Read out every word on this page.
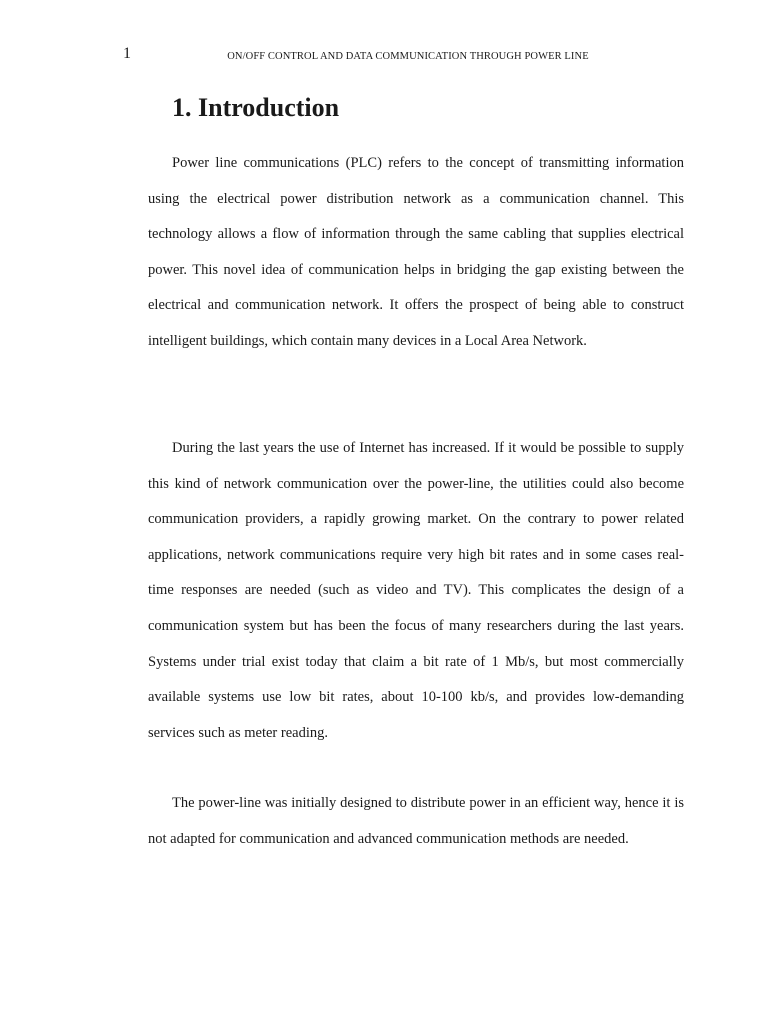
1	ON/OFF CONTROL AND DATA COMMUNICATION THROUGH POWER LINE
1. Introduction

Power line communications (PLC) refers to the concept of transmitting information using the electrical power distribution network as a communication channel. This technology allows a flow of information through the same cabling that supplies electrical power. This novel idea of communication helps in bridging the gap existing between the electrical and communication network. It offers the prospect of being able to construct intelligent buildings, which contain many devices in a Local Area Network.

During the last years the use of Internet has increased. If it would be possible to supply this kind of network communication over the power-line, the utilities could also become communication providers, a rapidly growing market. On the contrary to power related applications, network communications require very high bit rates and in some cases real-time responses are needed (such as video and TV). This complicates the design of a communication system but has been the focus of many researchers during the last years. Systems under trial exist today that claim a bit rate of 1 Mb/s, but most commercially available systems use low bit rates, about 10-100 kb/s, and provides low-demanding services such as meter reading.

The power-line was initially designed to distribute power in an efficient way, hence it is not adapted for communication and advanced communication methods are needed.
